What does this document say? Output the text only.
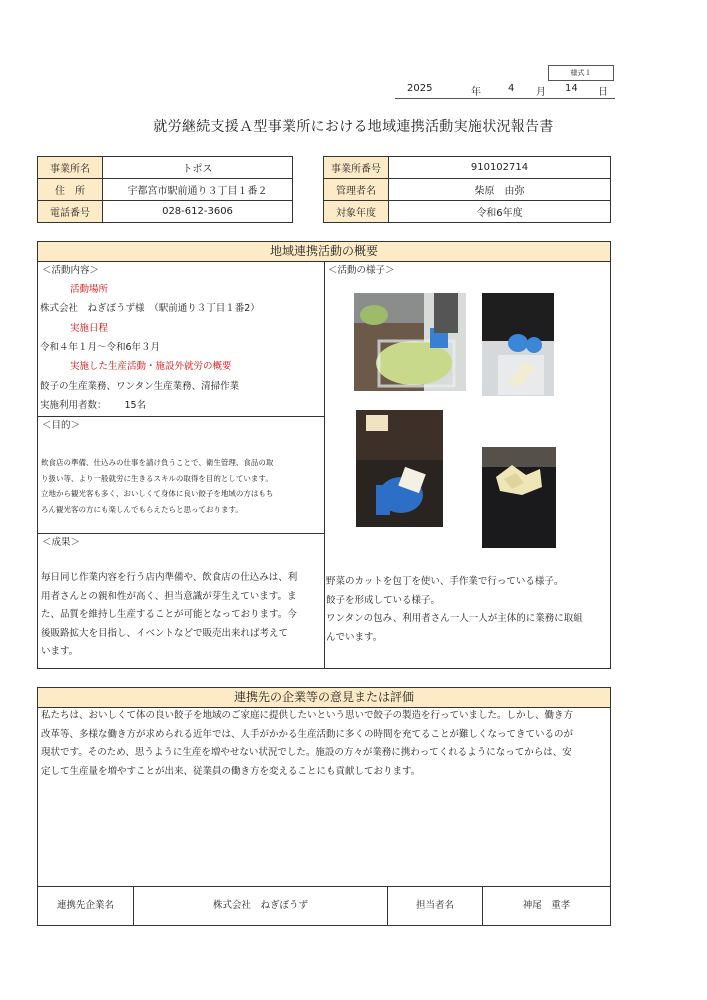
様式１
2025	年	4 月 14 日
就労継続支援Ａ型事業所における地域連携活動実施状況報告書
事業所名	トポス
住　所	宇都宮市駅前通り３丁目１番２
電話番号	028-612-3606
事業所番号	910102714
管理者名	柴原　由弥
対象年度	令和6年度
地域連携活動の概要
＜活動内容＞
活動場所
株式会社　ねぎぼうず様　（駅前通り３丁目１番2）
実施日程
令和４年１月～令和6年３月
実施した生産活動・施設外就労の概要
餃子の生産業務、ワンタン生産業務、清掃作業
実施利用者数： 15名
＜目的＞
飲食店の準備、仕込みの仕事を請け負うことで、衛生管理、食品の取
り扱い等、より一般就労に生きるスキルの取得を目的としています。
立地から観光客も多く、おいしくて身体に良い餃子を地域の方はもち
ろん観光客の方にも楽しんでもらえたらと思っております。
＜成果＞
毎日同じ作業内容を行う店内準備や、飲食店の仕込みは、利
用者さんとの親和性が高く、担当意識が芽生えています。ま
た、品質を維持し生産することが可能となっております。今
後販路拡大を目指し、イベントなどで販売出来れば考えて
います。
＜活動の様子＞
野菜のカットを包丁を使い、手作業で行っている様子。
餃子を形成している様子。
ワンタンの包み、利用者さん一人一人が主体的に業務に取組
んでいます。
連携先の企業等の意見または評価
私たちは、おいしくて体の良い餃子を地域のご家庭に提供したいという思いで餃子の製造を行っていました。しかし、働き方
改革等、多様な働き方が求められる近年では、人手がかかる生産活動に多くの時間を充てることが難しくなってきているのが
現状です。そのため、思うように生産を増やせない状況でした。施設の方々が業務に携わってくれるようになってからは、安
定して生産量を増やすことが出来、従業員の働き方を変えることにも貢献しております。
連携先企業名	株式会社　ねぎぼうず	担当者名	神尾　重孝
